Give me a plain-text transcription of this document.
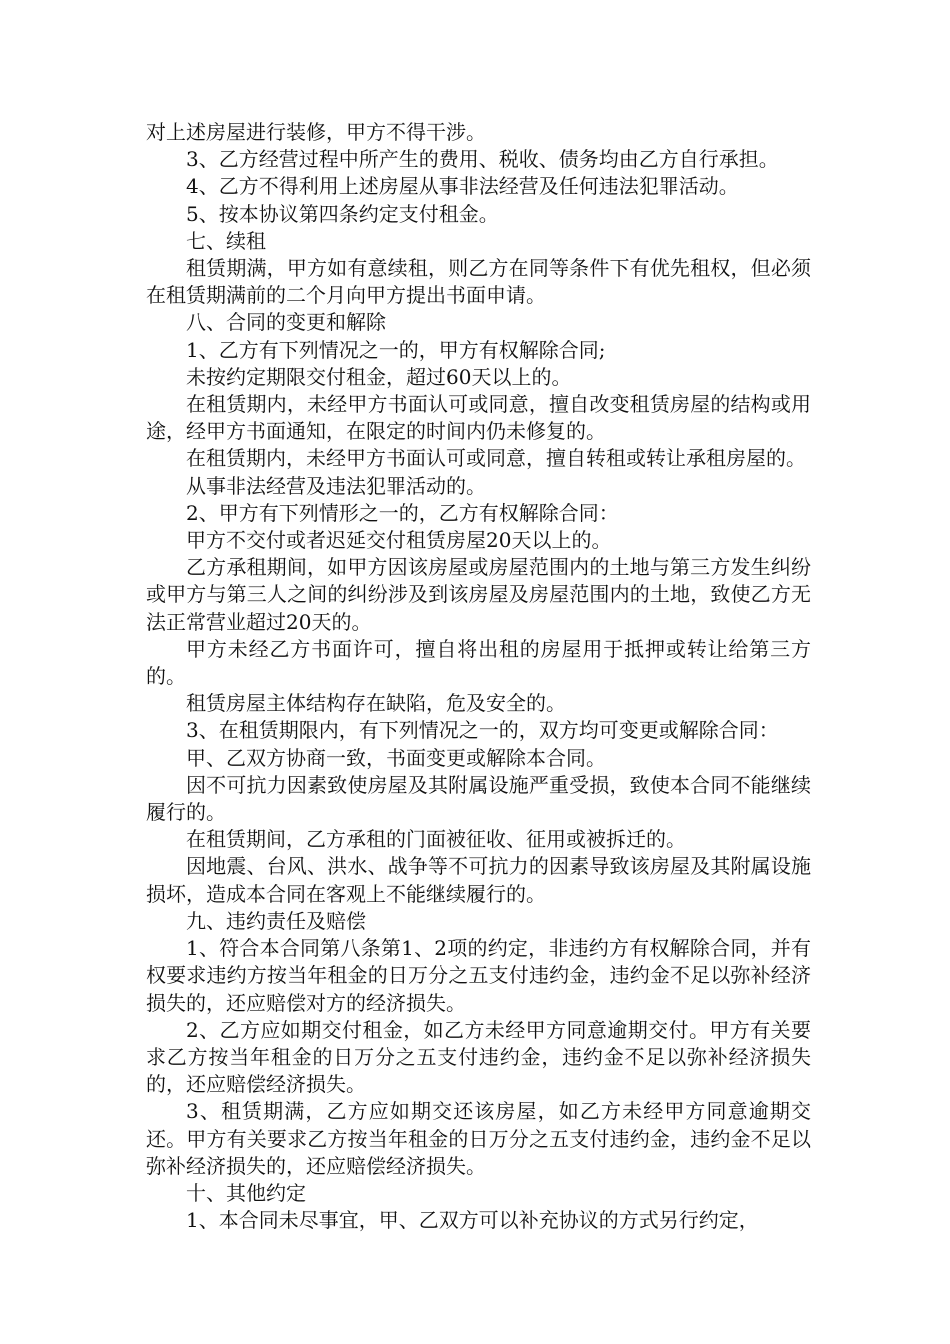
对上述房屋进行装修，甲方不得干涉。

3、乙方经营过程中所产生的费用、税收、债务均由乙方自行承担。

4、乙方不得利用上述房屋从事非法经营及任何违法犯罪活动。

5、按本协议第四条约定支付租金。

七、续租

租赁期满，甲方如有意续租，则乙方在同等条件下有优先租权，但必须在租赁期满前的二个月向甲方提出书面申请。

八、合同的变更和解除

1、乙方有下列情况之一的，甲方有权解除合同;

未按约定期限交付租金，超过60天以上的。

在租赁期内，未经甲方书面认可或同意，擅自改变租赁房屋的结构或用途，经甲方书面通知，在限定的时间内仍未修复的。

在租赁期内，未经甲方书面认可或同意，擅自转租或转让承租房屋的。

从事非法经营及违法犯罪活动的。

2、甲方有下列情形之一的，乙方有权解除合同：

甲方不交付或者迟延交付租赁房屋20天以上的。

乙方承租期间，如甲方因该房屋或房屋范围内的土地与第三方发生纠纷或甲方与第三人之间的纠纷涉及到该房屋及房屋范围内的土地，致使乙方无法正常营业超过20天的。

甲方未经乙方书面许可，擅自将出租的房屋用于抵押或转让给第三方的。

租赁房屋主体结构存在缺陷，危及安全的。

3、在租赁期限内，有下列情况之一的，双方均可变更或解除合同：

甲、乙双方协商一致，书面变更或解除本合同。

因不可抗力因素致使房屋及其附属设施严重受损，致使本合同不能继续履行的。

在租赁期间，乙方承租的门面被征收、征用或被拆迁的。

因地震、台风、洪水、战争等不可抗力的因素导致该房屋及其附属设施损坏，造成本合同在客观上不能继续履行的。

九、违约责任及赔偿

1、符合本合同第八条第1、2项的约定，非违约方有权解除合同，并有权要求违约方按当年租金的日万分之五支付违约金，违约金不足以弥补经济损失的，还应赔偿对方的经济损失。

2、乙方应如期交付租金，如乙方未经甲方同意逾期交付。甲方有关要求乙方按当年租金的日万分之五支付违约金，违约金不足以弥补经济损失的，还应赔偿经济损失。

3、租赁期满，乙方应如期交还该房屋，如乙方未经甲方同意逾期交还。甲方有关要求乙方按当年租金的日万分之五支付违约金，违约金不足以弥补经济损失的，还应赔偿经济损失。

十、其他约定

1、本合同未尽事宜，甲、乙双方可以补充协议的方式另行约定，
